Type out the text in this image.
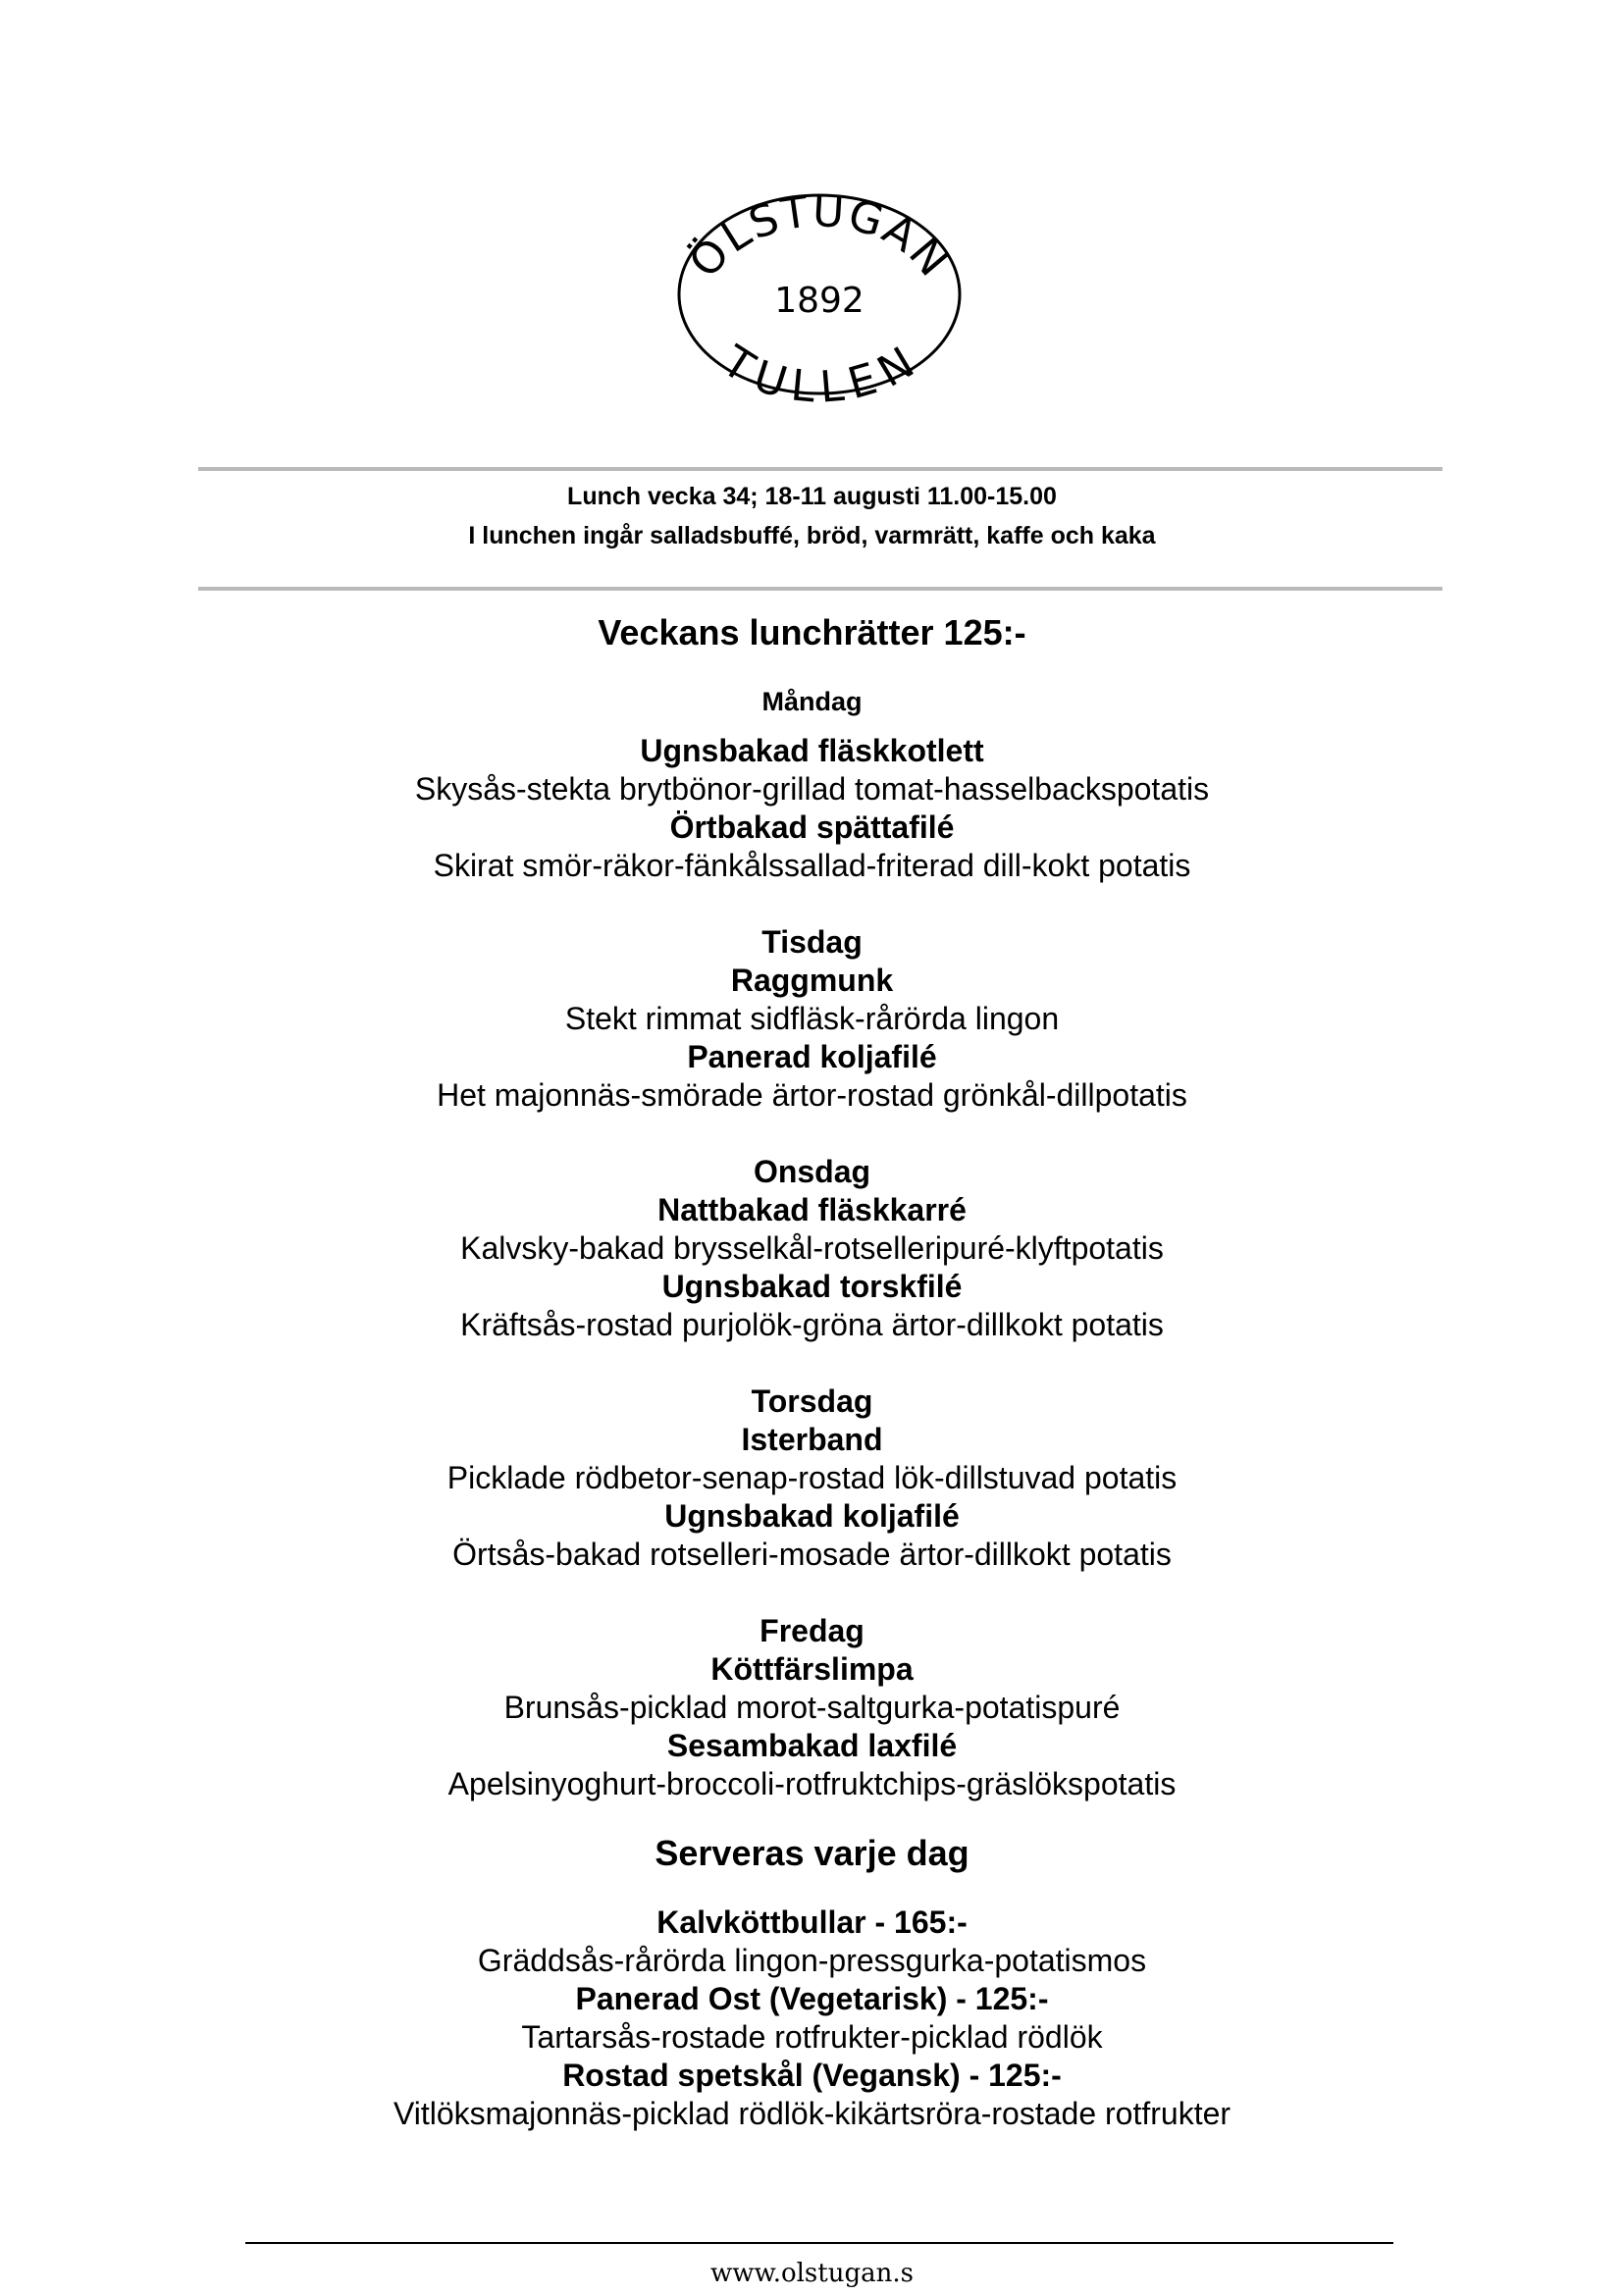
ÖLSTUGAN
1892
TULLEN
Lunch vecka 34; 18-11 augusti 11.00-15.00
I lunchen ingår salladsbuffé, bröd, varmrätt, kaffe och kaka
Veckans lunchrätter 125:-
Måndag
Ugnsbakad fläskkotlett
Skysås-stekta brytbönor-grillad tomat-hasselbackspotatis
Örtbakad spättafilé
Skirat smör-räkor-fänkålssallad-friterad dill-kokt potatis
Tisdag
Raggmunk
Stekt rimmat sidfläsk-rårörda lingon
Panerad koljafilé
Het majonnäs-smörade ärtor-rostad grönkål-dillpotatis
Onsdag
Nattbakad fläskkarré
Kalvsky-bakad brysselkål-rotselleripuré-klyftpotatis
Ugnsbakad torskfilé
Kräftsås-rostad purjolök-gröna ärtor-dillkokt potatis
Torsdag
Isterband
Picklade rödbetor-senap-rostad lök-dillstuvad potatis
Ugnsbakad koljafilé
Örtsås-bakad rotselleri-mosade ärtor-dillkokt potatis
Fredag
Köttfärslimpa
Brunsås-picklad morot-saltgurka-potatispuré
Sesambakad laxfilé
Apelsinyoghurt-broccoli-rotfruktchips-gräslökspotatis
Serveras varje dag
Kalvköttbullar - 165:-
Gräddsås-rårörda lingon-pressgurka-potatismos
Panerad Ost (Vegetarisk) - 125:-
Tartarsås-rostade rotfrukter-picklad rödlök
Rostad spetskål (Vegansk) - 125:-
Vitlöksmajonnäs-picklad rödlök-kikärtsröra-rostade rotfrukter
www.olstugan.s
